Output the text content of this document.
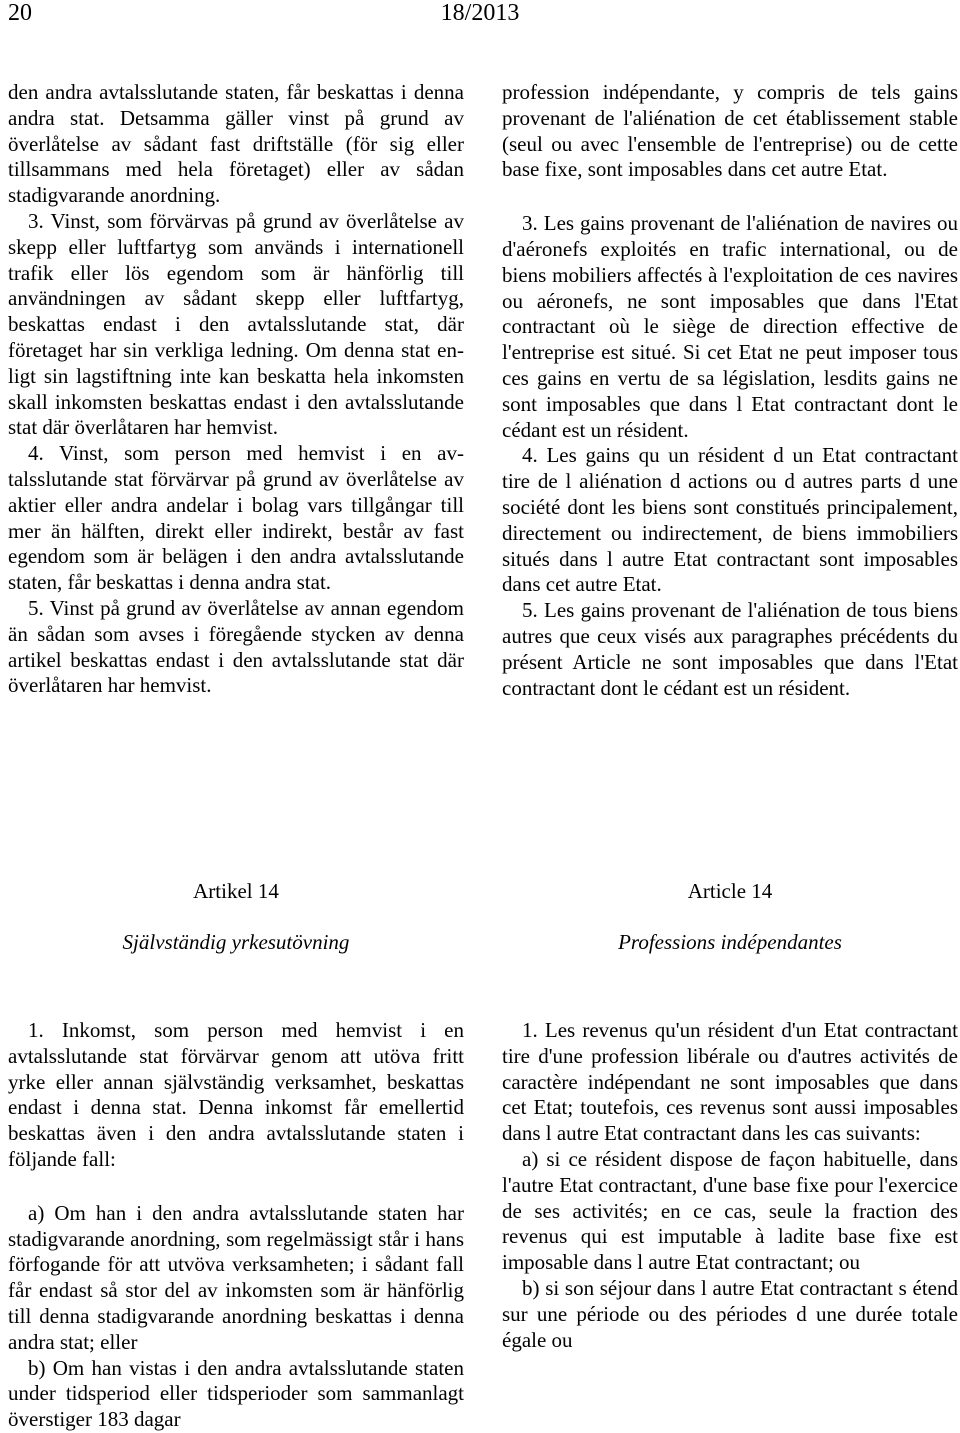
20	18/2013

den andra avtalsslutande staten, får beskattas i denna andra stat. Detsamma gäller vinst på grund av överlåtelse av sådant fast driftställe (för sig eller tillsammans med hela företaget) eller av sådan stadigvarande anordning.

3. Vinst, som förvärvas på grund av överlåtelse av skepp eller luftfartyg som används i internationell trafik eller lös egendom som är hänförlig till användningen av sådant skepp eller luftfartyg, beskattas endast i den avtalsslutande stat, där företaget har sin verkliga ledning. Om denna stat enligt sin lagstiftning inte kan beskatta hela inkomsten skall inkomsten beskattas endast i den avtalsslutande stat där överlåtaren har hemvist.

4. Vinst, som person med hemvist i en avtalsslutande stat förvärvar på grund av överlåtelse av aktier eller andra andelar i bolag vars tillgångar till mer än hälften, direkt eller indirekt, består av fast egendom som är belägen i den andra avtalsslutande staten, får beskattas i denna andra stat.

5. Vinst på grund av överlåtelse av annan egendom än sådan som avses i föregående stycken av denna artikel beskattas endast i den avtalsslutande stat där överlåtaren har hemvist.

profession indépendante, y compris de tels gains provenant de l'aliénation de cet établissement stable (seul ou avec l'ensemble de l'entreprise) ou de cette base fixe, sont imposables dans cet autre Etat.

3. Les gains provenant de l'aliénation de navires ou d'aéronefs exploités en trafic international, ou de biens mobiliers affectés à l'exploitation de ces navires ou aéronefs, ne sont imposables que dans l'Etat contractant où le siège de direction effective de l'entreprise est situé. Si cet Etat ne peut imposer tous ces gains en vertu de sa législation, lesdits gains ne sont imposables que dans l Etat contractant dont le cédant est un résident.

4. Les gains qu un résident d un Etat contractant tire de l aliénation d actions ou d autres parts d une société dont les biens sont constitués principalement, directement ou indirectement, de biens immobiliers situés dans l autre Etat contractant sont imposables dans cet autre Etat.

5. Les gains provenant de l'aliénation de tous biens autres que ceux visés aux paragraphes précédents du présent Article ne sont imposables que dans l'Etat contractant dont le cédant est un résident.

Artikel 14	Article 14
Självständig yrkesutövning	Professions indépendantes

1. Inkomst, som person med hemvist i en avtalsslutande stat förvärvar genom att utöva fritt yrke eller annan självständig verksamhet, beskattas endast i denna stat. Denna inkomst får emellertid beskattas även i den andra avtalsslutande staten i följande fall:

a) Om han i den andra avtalsslutande staten har stadigvarande anordning, som regelmässigt står i hans förfogande för att utvöva verksamheten; i sådant fall får endast så stor del av inkomsten som är hänförlig till denna stadigvarande anordning beskattas i denna andra stat; eller

b) Om han vistas i den andra avtalsslutande staten under tidsperiod eller tidsperioder som sammanlagt överstiger 183 dagar

1. Les revenus qu'un résident d'un Etat contractant tire d'une profession libérale ou d'autres activités de caractère indépendant ne sont imposables que dans cet Etat; toutefois, ces revenus sont aussi imposables dans l autre Etat contractant dans les cas suivants:

a) si ce résident dispose de façon habituelle, dans l'autre Etat contractant, d'une base fixe pour l'exercice de ses activités; en ce cas, seule la fraction des revenus qui est imputable à ladite base fixe est imposable dans l autre Etat contractant; ou

b) si son séjour dans l autre Etat contractant s étend sur une période ou des périodes d une durée totale égale ou
